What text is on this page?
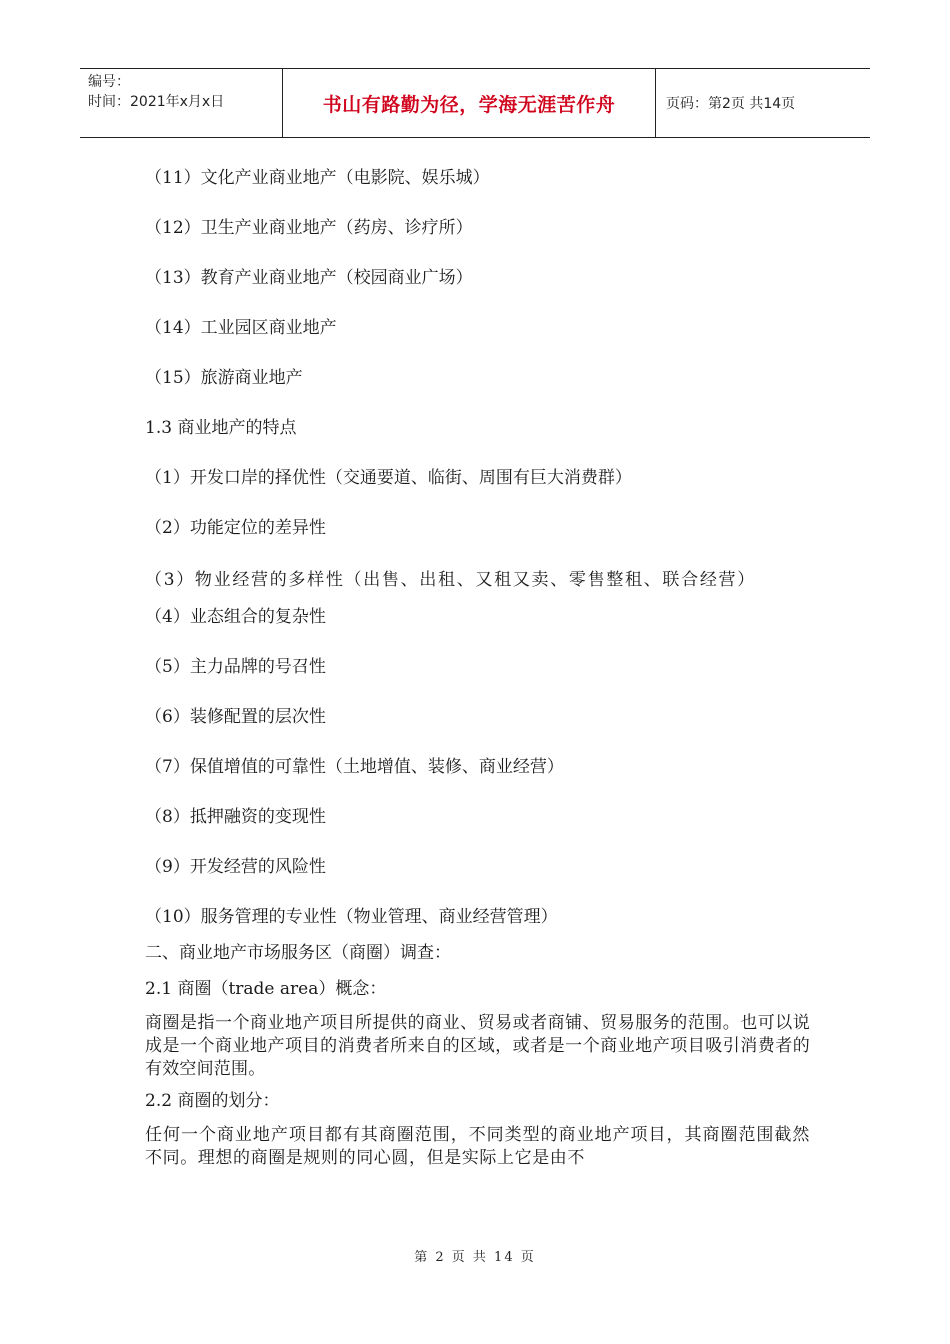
编号：
时间：2021年x月x日	书山有路勤为径，学海无涯苦作舟	页码：第2页 共14页

（11）文化产业商业地产（电影院、娱乐城）

（12）卫生产业商业地产（药房、诊疗所）

（13）教育产业商业地产（校园商业广场）

（14）工业园区商业地产

（15）旅游商业地产

1.3 商业地产的特点

（1）开发口岸的择优性（交通要道、临街、周围有巨大消费群）

（2）功能定位的差异性

（3）物业经营的多样性（出售、出租、又租又卖、零售整租、联合经营）

（4）业态组合的复杂性

（5）主力品牌的号召性

（6）装修配置的层次性

（7）保值增值的可靠性（土地增值、装修、商业经营）

（8）抵押融资的变现性

（9）开发经营的风险性

（10）服务管理的专业性（物业管理、商业经营管理）

二、商业地产市场服务区（商圈）调查：

2.1 商圈（trade area）概念：

商圈是指一个商业地产项目所提供的商业、贸易或者商铺、贸易服务的范围。也可以说成是一个商业地产项目的消费者所来自的区域，或者是一个商业地产项目吸引消费者的有效空间范围。

2.2 商圈的划分：

任何一个商业地产项目都有其商圈范围，不同类型的商业地产项目，其商圈范围截然不同。理想的商圈是规则的同心圆，但是实际上它是由不

第 2 页 共 14 页
